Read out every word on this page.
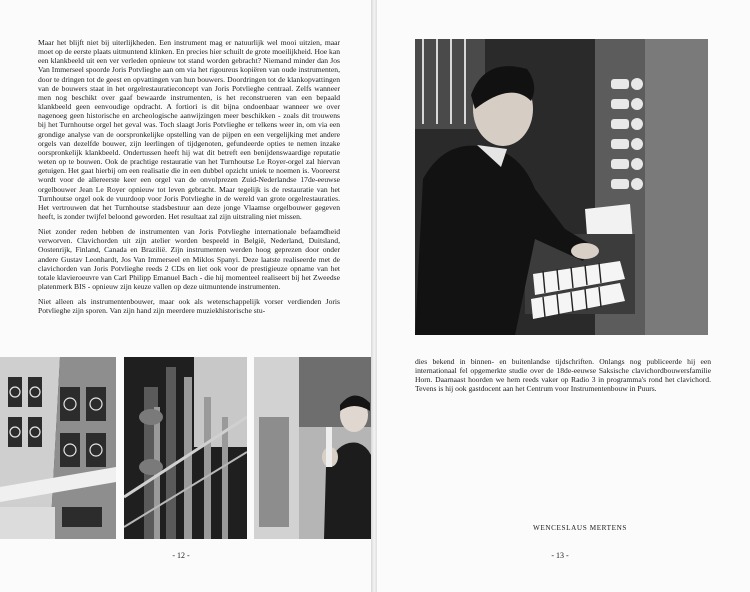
Maar het blijft niet bij uiterlijkheden. Een instrument mag er natuurlijk wel mooi uitzien, maar moet op de eerste plaats uitmuntend klinken. En precies hier schuilt de grote moeilijkheid. Hoe kan een klankbeeld uit een ver verleden opnieuw tot stand worden gebracht? Niemand minder dan Jos Van Immerseel spoorde Joris Potvlieghe aan om via het rigoureus kopiëren van oude instrumenten, door te dringen tot de geest en opvattingen van hun bouwers. Doordringen tot de klankopvattingen van de bouwers staat in het orgelrestauratieconcept van Joris Potvlieghe centraal. Zelfs wanneer men nog beschikt over gaaf bewaarde instrumenten, is het reconstrueren van een bepaald klankbeeld geen eenvoudige opdracht. A fortiori is dit bijna ondoenbaar wanneer we over nagenoeg geen historische en archeologische aanwijzingen meer beschikken - zoals dit trouwens bij het Turnhoutse orgel het geval was. Toch slaagt Joris Potvlieghe er telkens weer in, om via een grondige analyse van de oorspronkelijke opstelling van de pijpen en een vergelijking met andere orgels van dezelfde bouwer, zijn leerlingen of tijdgenoten, gefundeerde opties te nemen inzake oorspronkelijk klankbeeld. Ondertussen heeft hij wat dit betreft een benijdenswaardige reputatie weten op te bouwen. Ook de prachtige restauratie van het Turnhoutse Le Royer-orgel zal hiervan getuigen. Het gaat hierbij om een realisatie die in een dubbel opzicht uniek te noemen is. Vooreerst wordt voor de allereerste keer een orgel van de onvolprezen Zuid-Nederlandse 17de-eeuwse orgelbouwer Jean Le Royer opnieuw tot leven gebracht. Maar tegelijk is de restauratie van het Turnhoutse orgel ook de vuurdoop voor Joris Potvlieghe in de wereld van grote orgelrestauraties. Het vertrouwen dat het Turnhoutse stadsbestuur aan deze jonge Vlaamse orgelbouwer gegeven heeft, is zonder twijfel beloond geworden. Het resultaat zal zijn uitstraling niet missen.

Niet zonder reden hebben de instrumenten van Joris Potvlieghe internationale befaamdheid verworven. Clavichorden uit zijn atelier worden bespeeld in België, Nederland, Duitsland, Oostenrijk, Finland, Canada en Brazilië. Zijn instrumenten werden hoog geprezen door onder andere Gustav Leonhardt, Jos Van Immerseel en Miklos Spanyi. Deze laatste realiseerde met de clavichorden van Joris Potvlieghe reeds 2 CDs en liet ook voor de prestigieuze opname van het totale klavieroeuvre van Carl Philipp Emanuel Bach - die hij momenteel realiseert bij het Zweedse platenmerk BIS - opnieuw zijn keuze vallen op deze uitmuntende instrumenten.

Niet alleen als instrumentenbouwer, maar ook als wetenschappelijk vorser verdienden Joris Potvlieghe zijn sporen. Van zijn hand zijn meerdere muziekhistorische stu-

- 12 -

dies bekend in binnen- en buitenlandse tijdschriften. Onlangs nog publiceerde hij een internationaal fel opgemerkte studie over de 18de-eeuwse Saksische clavichordbouwersfamilie Horn. Daarnaast hoorden we hem reeds vaker op Radio 3 in programma's rond het clavichord. Tevens is hij ook gastdocent aan het Centrum voor Instrumentenbouw in Puurs.

WENCESLAUS MERTENS
- 13 -
